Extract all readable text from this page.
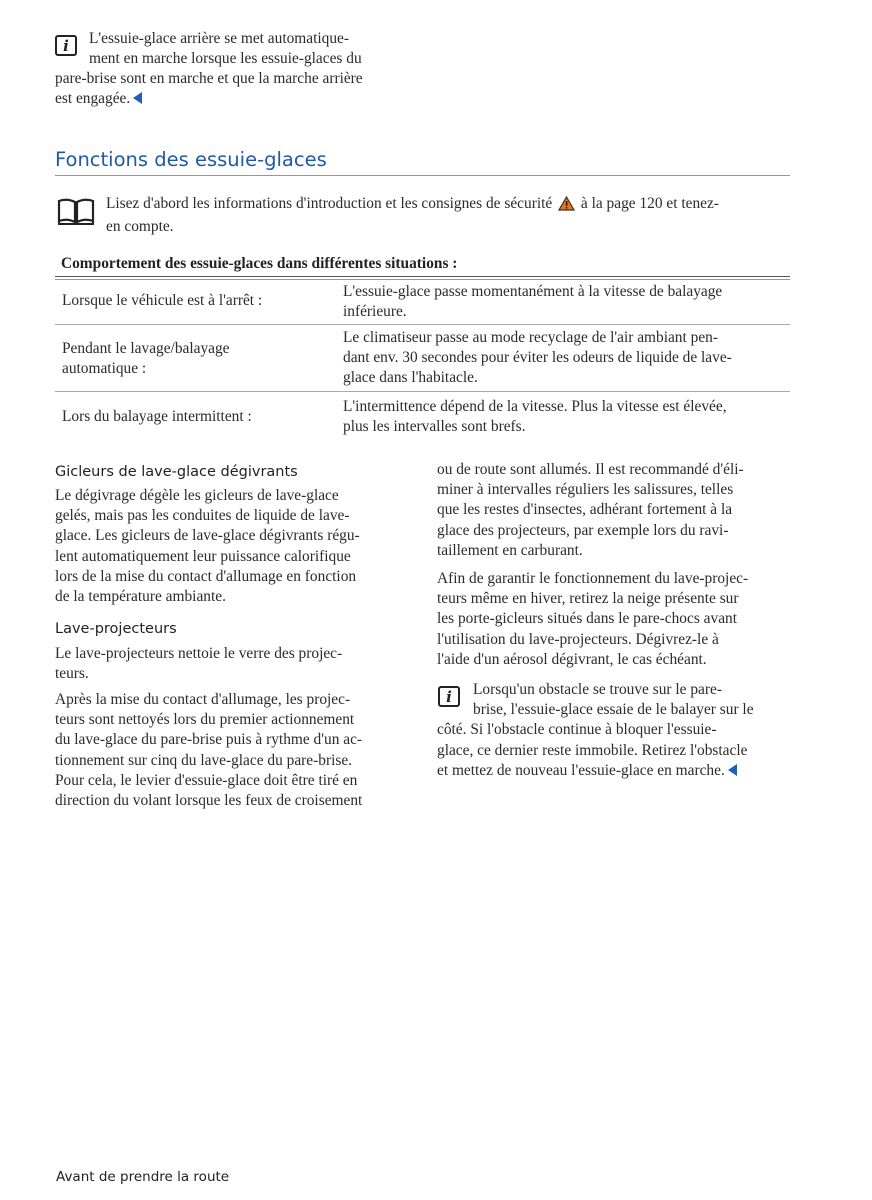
i L'essuie-glace arrière se met automatique-
ment en marche lorsque les essuie-glaces du
pare-brise sont en marche et que la marche arrière
est engagée.
Fonctions des essuie-glaces
Lisez d'abord les informations d'introduction et les consignes de sécurité à la page 120 et tenez-
en compte.
Comportement des essuie-glaces dans différentes situations :
Lorsque le véhicule est à l'arrêt :
L'essuie-glace passe momentanément à la vitesse de balayage
inférieure.
Pendant le lavage/balayage
automatique :
Le climatiseur passe au mode recyclage de l'air ambiant pen-
dant env. 30 secondes pour éviter les odeurs de liquide de lave-
glace dans l'habitacle.
Lors du balayage intermittent :
L'intermittence dépend de la vitesse. Plus la vitesse est élevée,
plus les intervalles sont brefs.
Gicleurs de lave-glace dégivrants
Le dégivrage dégèle les gicleurs de lave-glace
gelés, mais pas les conduites de liquide de lave-
glace. Les gicleurs de lave-glace dégivrants régu-
lent automatiquement leur puissance calorifique
lors de la mise du contact d'allumage en fonction
de la température ambiante.
Lave-projecteurs
Le lave-projecteurs nettoie le verre des projec-
teurs.
Après la mise du contact d'allumage, les projec-
teurs sont nettoyés lors du premier actionnement
du lave-glace du pare-brise puis à rythme d'un ac-
tionnement sur cinq du lave-glace du pare-brise.
Pour cela, le levier d'essuie-glace doit être tiré en
direction du volant lorsque les feux de croisement
ou de route sont allumés. Il est recommandé d'éli-
miner à intervalles réguliers les salissures, telles
que les restes d'insectes, adhérant fortement à la
glace des projecteurs, par exemple lors du ravi-
taillement en carburant.
Afin de garantir le fonctionnement du lave-projec-
teurs même en hiver, retirez la neige présente sur
les porte-gicleurs situés dans le pare-chocs avant
l'utilisation du lave-projecteurs. Dégivrez-le à
l'aide d'un aérosol dégivrant, le cas échéant.
i	Lorsqu'un obstacle se trouve sur le pare-
brise, l'essuie-glace essaie de le balayer sur le
côté. Si l'obstacle continue à bloquer l'essuie-
glace, ce dernier reste immobile. Retirez l'obstacle
et mettez de nouveau l'essuie-glace en marche.
Avant de prendre la route
